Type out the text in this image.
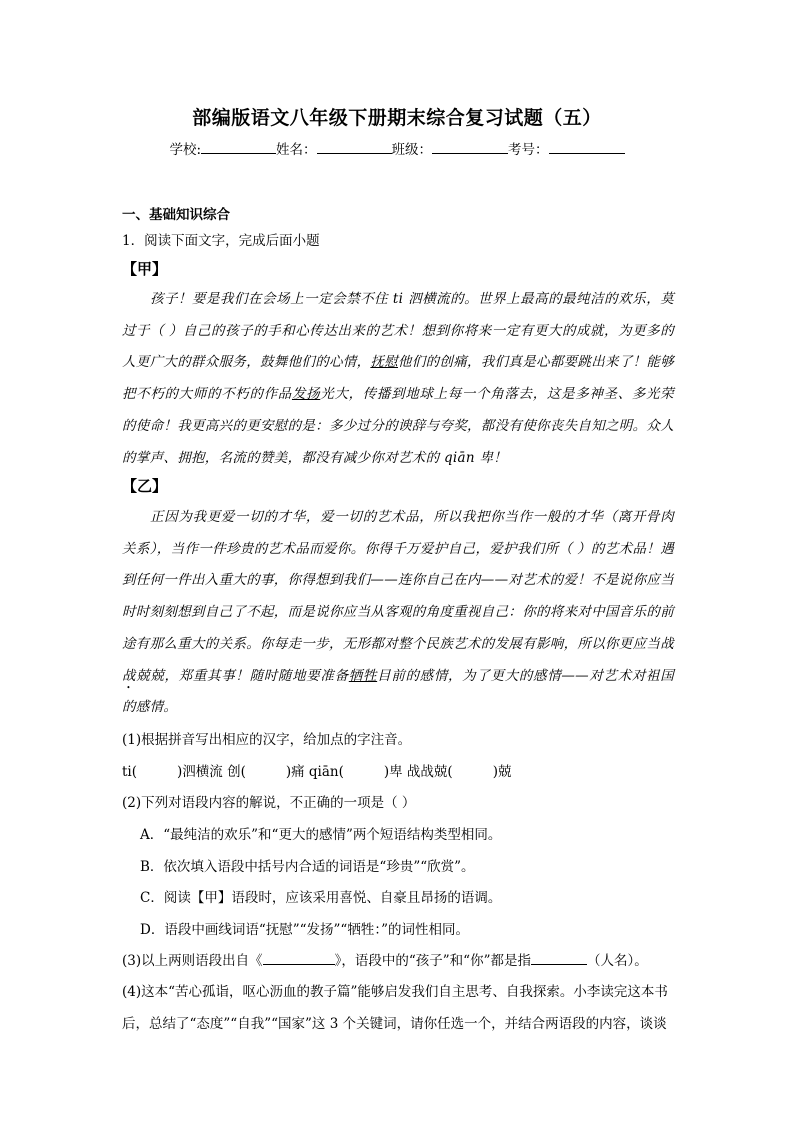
部编版语文八年级下册期末综合复习试题（五）
学校:	姓名：	班级：	考号：
一、基础知识综合
1．阅读下面文字，完成后面小题
【甲】
孩子！要是我们在会场上一定会禁不住 ti 泗横流的。世界上最高的最纯洁的欢乐，莫过于（ ）自己的孩子的手和心传达出来的艺术！想到你将来一定有更大的成就，为更多的人更广大的群众服务，鼓舞他们的心情，抚慰他们的创痛，我们真是心都要跳出来了！能够把不朽的大师的不朽的作品发扬光大，传播到地球上每一个角落去，这是多神圣、多光荣的使命！我更高兴的更安慰的是：多少过分的谀辞与夸奖，都没有使你丧失自知之明。众人的掌声、拥抱，名流的赞美，都没有减少你对艺术的 qiān 卑！
【乙】
正因为我更爱一切的才华，爱一切的艺术品，所以我把你当作一般的才华（离开骨肉关系），当作一件珍贵的艺术品而爱你。你得千万爱护自己，爱护我们所（ ）的艺术品！遇到任何一件出入重大的事，你得想到我们——连你自己在内——对艺术的爱！不是说你应当时时刻刻想到自己了不起，而是说你应当从客观的角度重视自己：你的将来对中国音乐的前途有那么重大的关系。你每走一步，无形都对整个民族艺术的发展有影响，所以你更应当战战兢兢，郑重其事！随时随地要准备牺牲目前的感情，为了更大的感情——对艺术对祖国的感情。
(1)根据拼音写出相应的汉字，给加点的字注音。
ti(	)泗横流 创(	)痛 qiān(	)卑 战战兢(	)兢
(2)下列对语段内容的解说，不正确的一项是（ ）
A．“最纯洁的欢乐”和“更大的感情”两个短语结构类型相同。
B．依次填入语段中括号内合适的词语是“珍贵”“欣赏”。
C．阅读【甲】语段时，应该采用喜悦、自豪且昂扬的语调。
D．语段中画线词语“抚慰”“发扬”“牺牲：”的词性相同。
(3)以上两则语段出自《	》，语段中的“孩子”和“你”都是指	（人名）。
(4)这本“苦心孤诣，呕心沥血的教子篇”能够启发我们自主思考、自我探索。小李读完这本书
后，总结了“态度”“自我”“国家”这 3 个关键词，请你任选一个，并结合两语段的内容，谈谈
